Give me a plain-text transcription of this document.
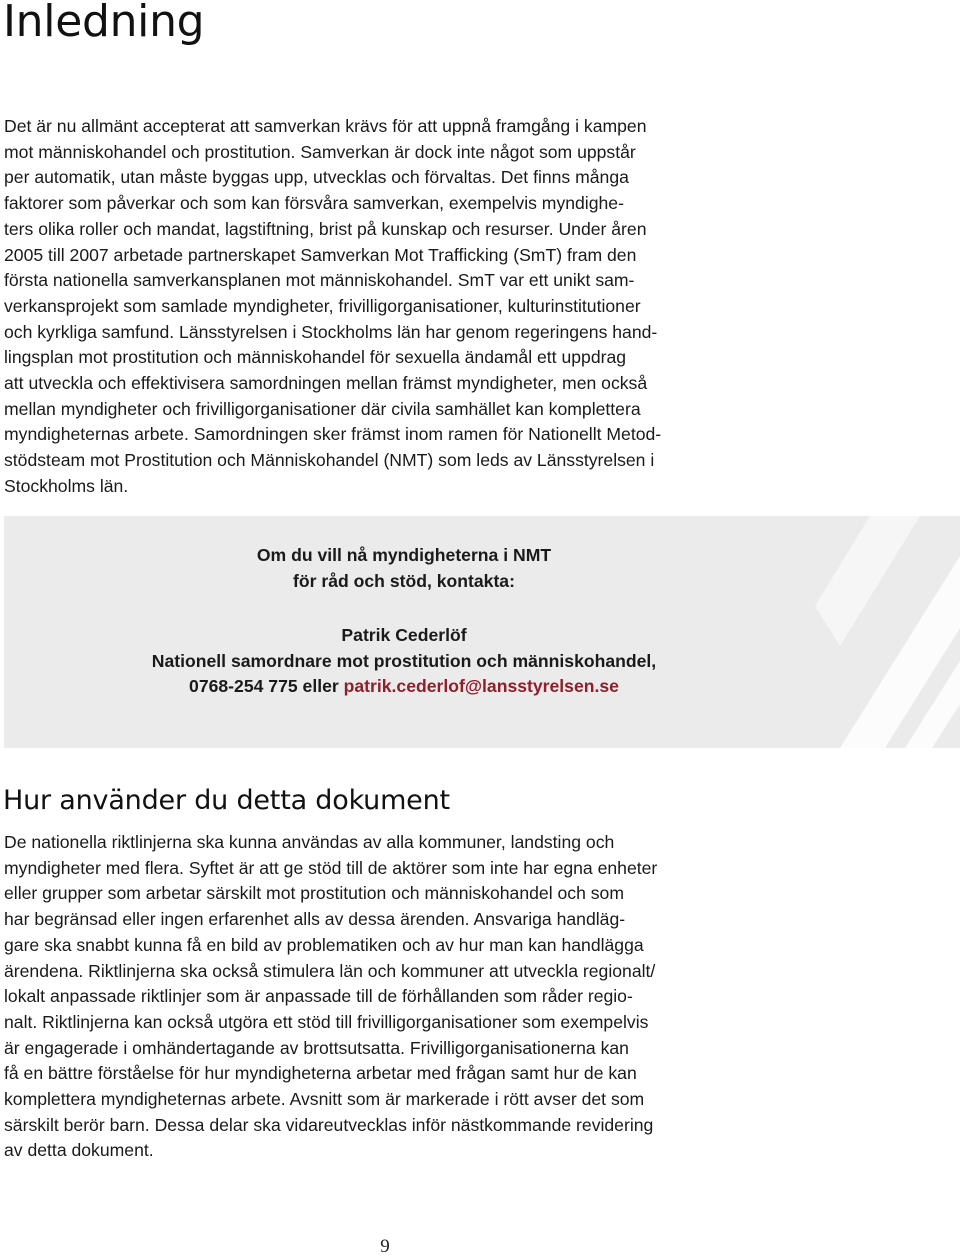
Inledning
Det är nu allmänt accepterat att samverkan krävs för att uppnå framgång i kampen
mot människohandel och prostitution. Samverkan är dock inte något som uppstår
per automatik, utan måste byggas upp, utvecklas och förvaltas. Det finns många
faktorer som påverkar och som kan försvåra samverkan, exempelvis myndighe-
ters olika roller och mandat, lagstiftning, brist på kunskap och resurser. Under åren
2005 till 2007 arbetade partnerskapet Samverkan Mot Trafficking (SmT) fram den
första nationella samverkansplanen mot människohandel. SmT var ett unikt sam-
verkansprojekt som samlade myndigheter, frivilligorganisationer, kulturinstitutioner
och kyrkliga samfund. Länsstyrelsen i Stockholms län har genom regeringens hand-
lingsplan mot prostitution och människohandel för sexuella ändamål ett uppdrag
att utveckla och effektivisera samordningen mellan främst myndigheter, men också
mellan myndigheter och frivilligorganisationer där civila samhället kan komplettera
myndigheternas arbete. Samordningen sker främst inom ramen för Nationellt Metod-
stödsteam mot Prostitution och Människohandel (NMT) som leds av Länsstyrelsen i
Stockholms län.
Om du vill nå myndigheterna i NMT
för råd och stöd, kontakta:
Patrik Cederlöf
Nationell samordnare mot prostitution och människohandel,
0768-254 775 eller patrik.cederlof@lansstyrelsen.se
Hur använder du detta dokument
De nationella riktlinjerna ska kunna användas av alla kommuner, landsting och
myndigheter med flera. Syftet är att ge stöd till de aktörer som inte har egna enheter
eller grupper som arbetar särskilt mot prostitution och människohandel och som
har begränsad eller ingen erfarenhet alls av dessa ärenden. Ansvariga handläg-
gare ska snabbt kunna få en bild av problematiken och av hur man kan handlägga
ärendena. Riktlinjerna ska också stimulera län och kommuner att utveckla regionalt/
lokalt anpassade riktlinjer som är anpassade till de förhållanden som råder regio-
nalt. Riktlinjerna kan också utgöra ett stöd till frivilligorganisationer som exempelvis
är engagerade i omhändertagande av brottsutsatta. Frivilligorganisationerna kan
få en bättre förståelse för hur myndigheterna arbetar med frågan samt hur de kan
komplettera myndigheternas arbete. Avsnitt som är markerade i rött avser det som
särskilt berör barn. Dessa delar ska vidareutvecklas inför nästkommande revidering
av detta dokument.
9
